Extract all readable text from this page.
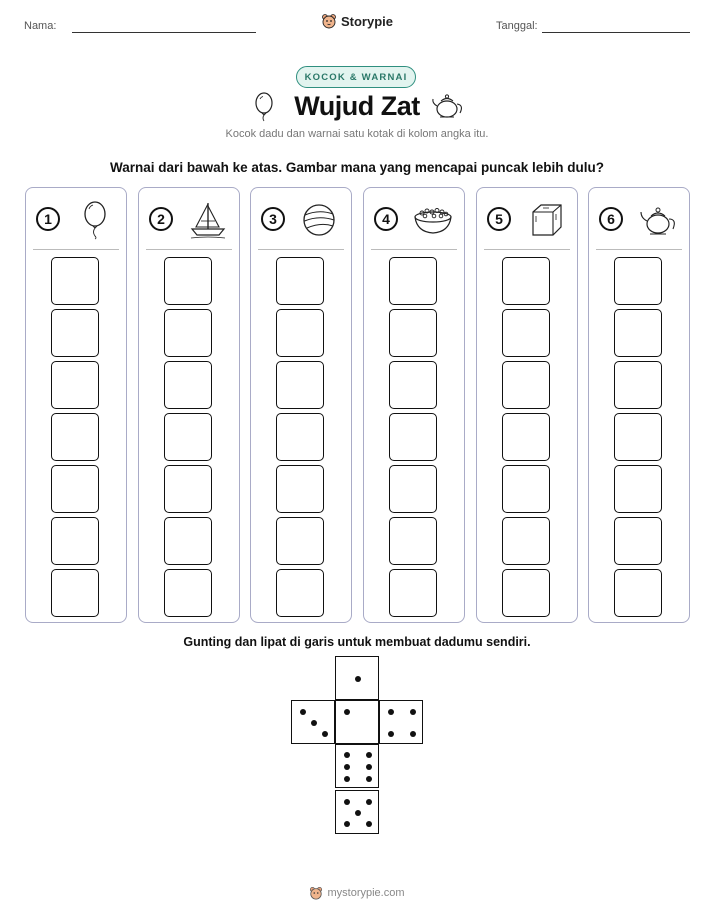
Nama:	Tanggal:
Storypie
KOCOK & WARNAI
Wujud Zat
Kocok dadu dan warnai satu kotak di kolom angka itu.
Warnai dari bawah ke atas. Gambar mana yang mencapai puncak lebih dulu?
1	2	3	4	5	6
Gunting dan lipat di garis untuk membuat dadumu sendiri.
mystorypie.com
